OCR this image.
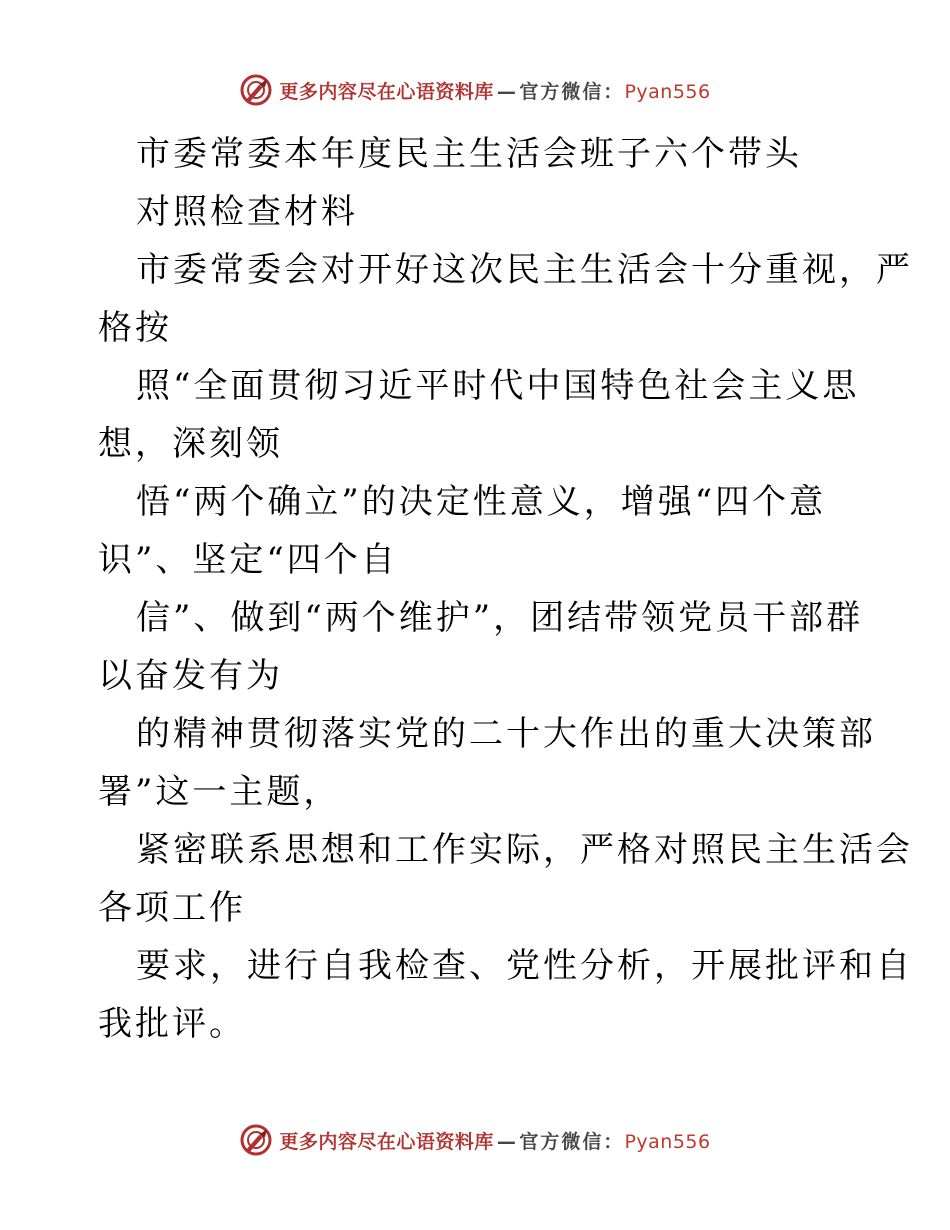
更多内容尽在心语资料库 — 官方微信：Pyan556
市委常委本年度民主生活会班子六个带头
对照检查材料
市委常委会对开好这次民主生活会十分重视，严
格按
照“全面贯彻习近平时代中国特色社会主义思
想，深刻领
悟“两个确立”的决定性意义，增强“四个意
识”、坚定“四个自
信”、做到“两个维护”，团结带领党员干部群
以奋发有为
的精神贯彻落实党的二十大作出的重大决策部
署”这一主题，
紧密联系思想和工作实际，严格对照民主生活会
各项工作
要求，进行自我检查、党性分析，开展批评和自
我批评。
更多内容尽在心语资料库 — 官方微信：Pyan556
